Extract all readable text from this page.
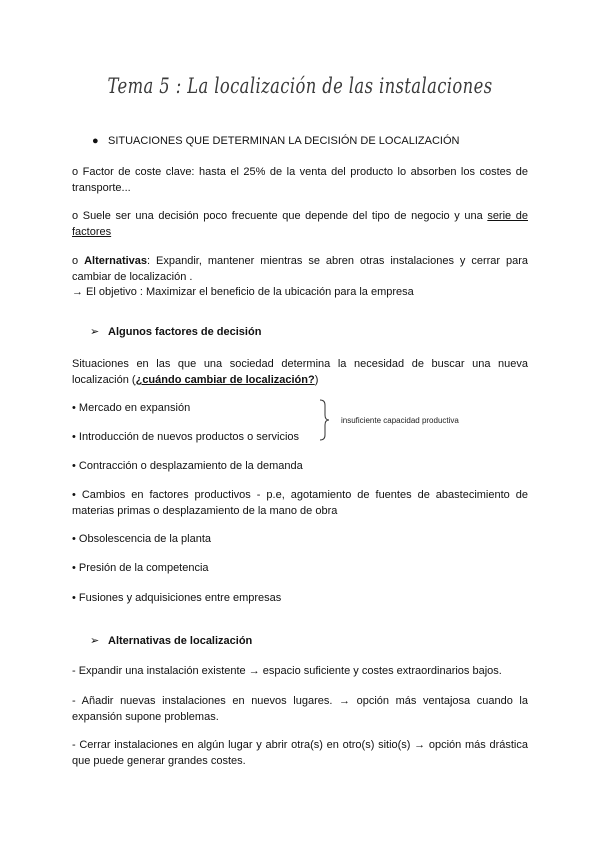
Tema 5 : La localización de las instalaciones
● SITUACIONES QUE DETERMINAN LA DECISIÓN DE LOCALIZACIÓN
o Factor de coste clave: hasta el 25% de la venta del producto lo absorben los costes de transporte...
o Suele ser una decisión poco frecuente que depende del tipo de negocio y una serie de factores
o Alternativas: Expandir, mantener mientras se abren otras instalaciones y cerrar para cambiar de localización .
→ El objetivo : Maximizar el beneficio de la ubicación para la empresa
➢ Algunos factores de decisión
Situaciones en las que una sociedad determina la necesidad de buscar una nueva localización (¿cuándo cambiar de localización?)
• Mercado en expansión
• Introducción de nuevos productos o servicios
insuficiente capacidad productiva
• Contracción o desplazamiento de la demanda
• Cambios en factores productivos - p.e, agotamiento de fuentes de abastecimiento de materias primas o desplazamiento de la mano de obra
• Obsolescencia de la planta
• Presión de la competencia
• Fusiones y adquisiciones entre empresas
➢ Alternativas de localización
- Expandir una instalación existente → espacio suficiente y costes extraordinarios bajos.
- Añadir nuevas instalaciones en nuevos lugares. → opción más ventajosa cuando la expansión supone problemas.
- Cerrar instalaciones en algún lugar y abrir otra(s) en otro(s) sitio(s) → opción más drástica que puede generar grandes costes.
